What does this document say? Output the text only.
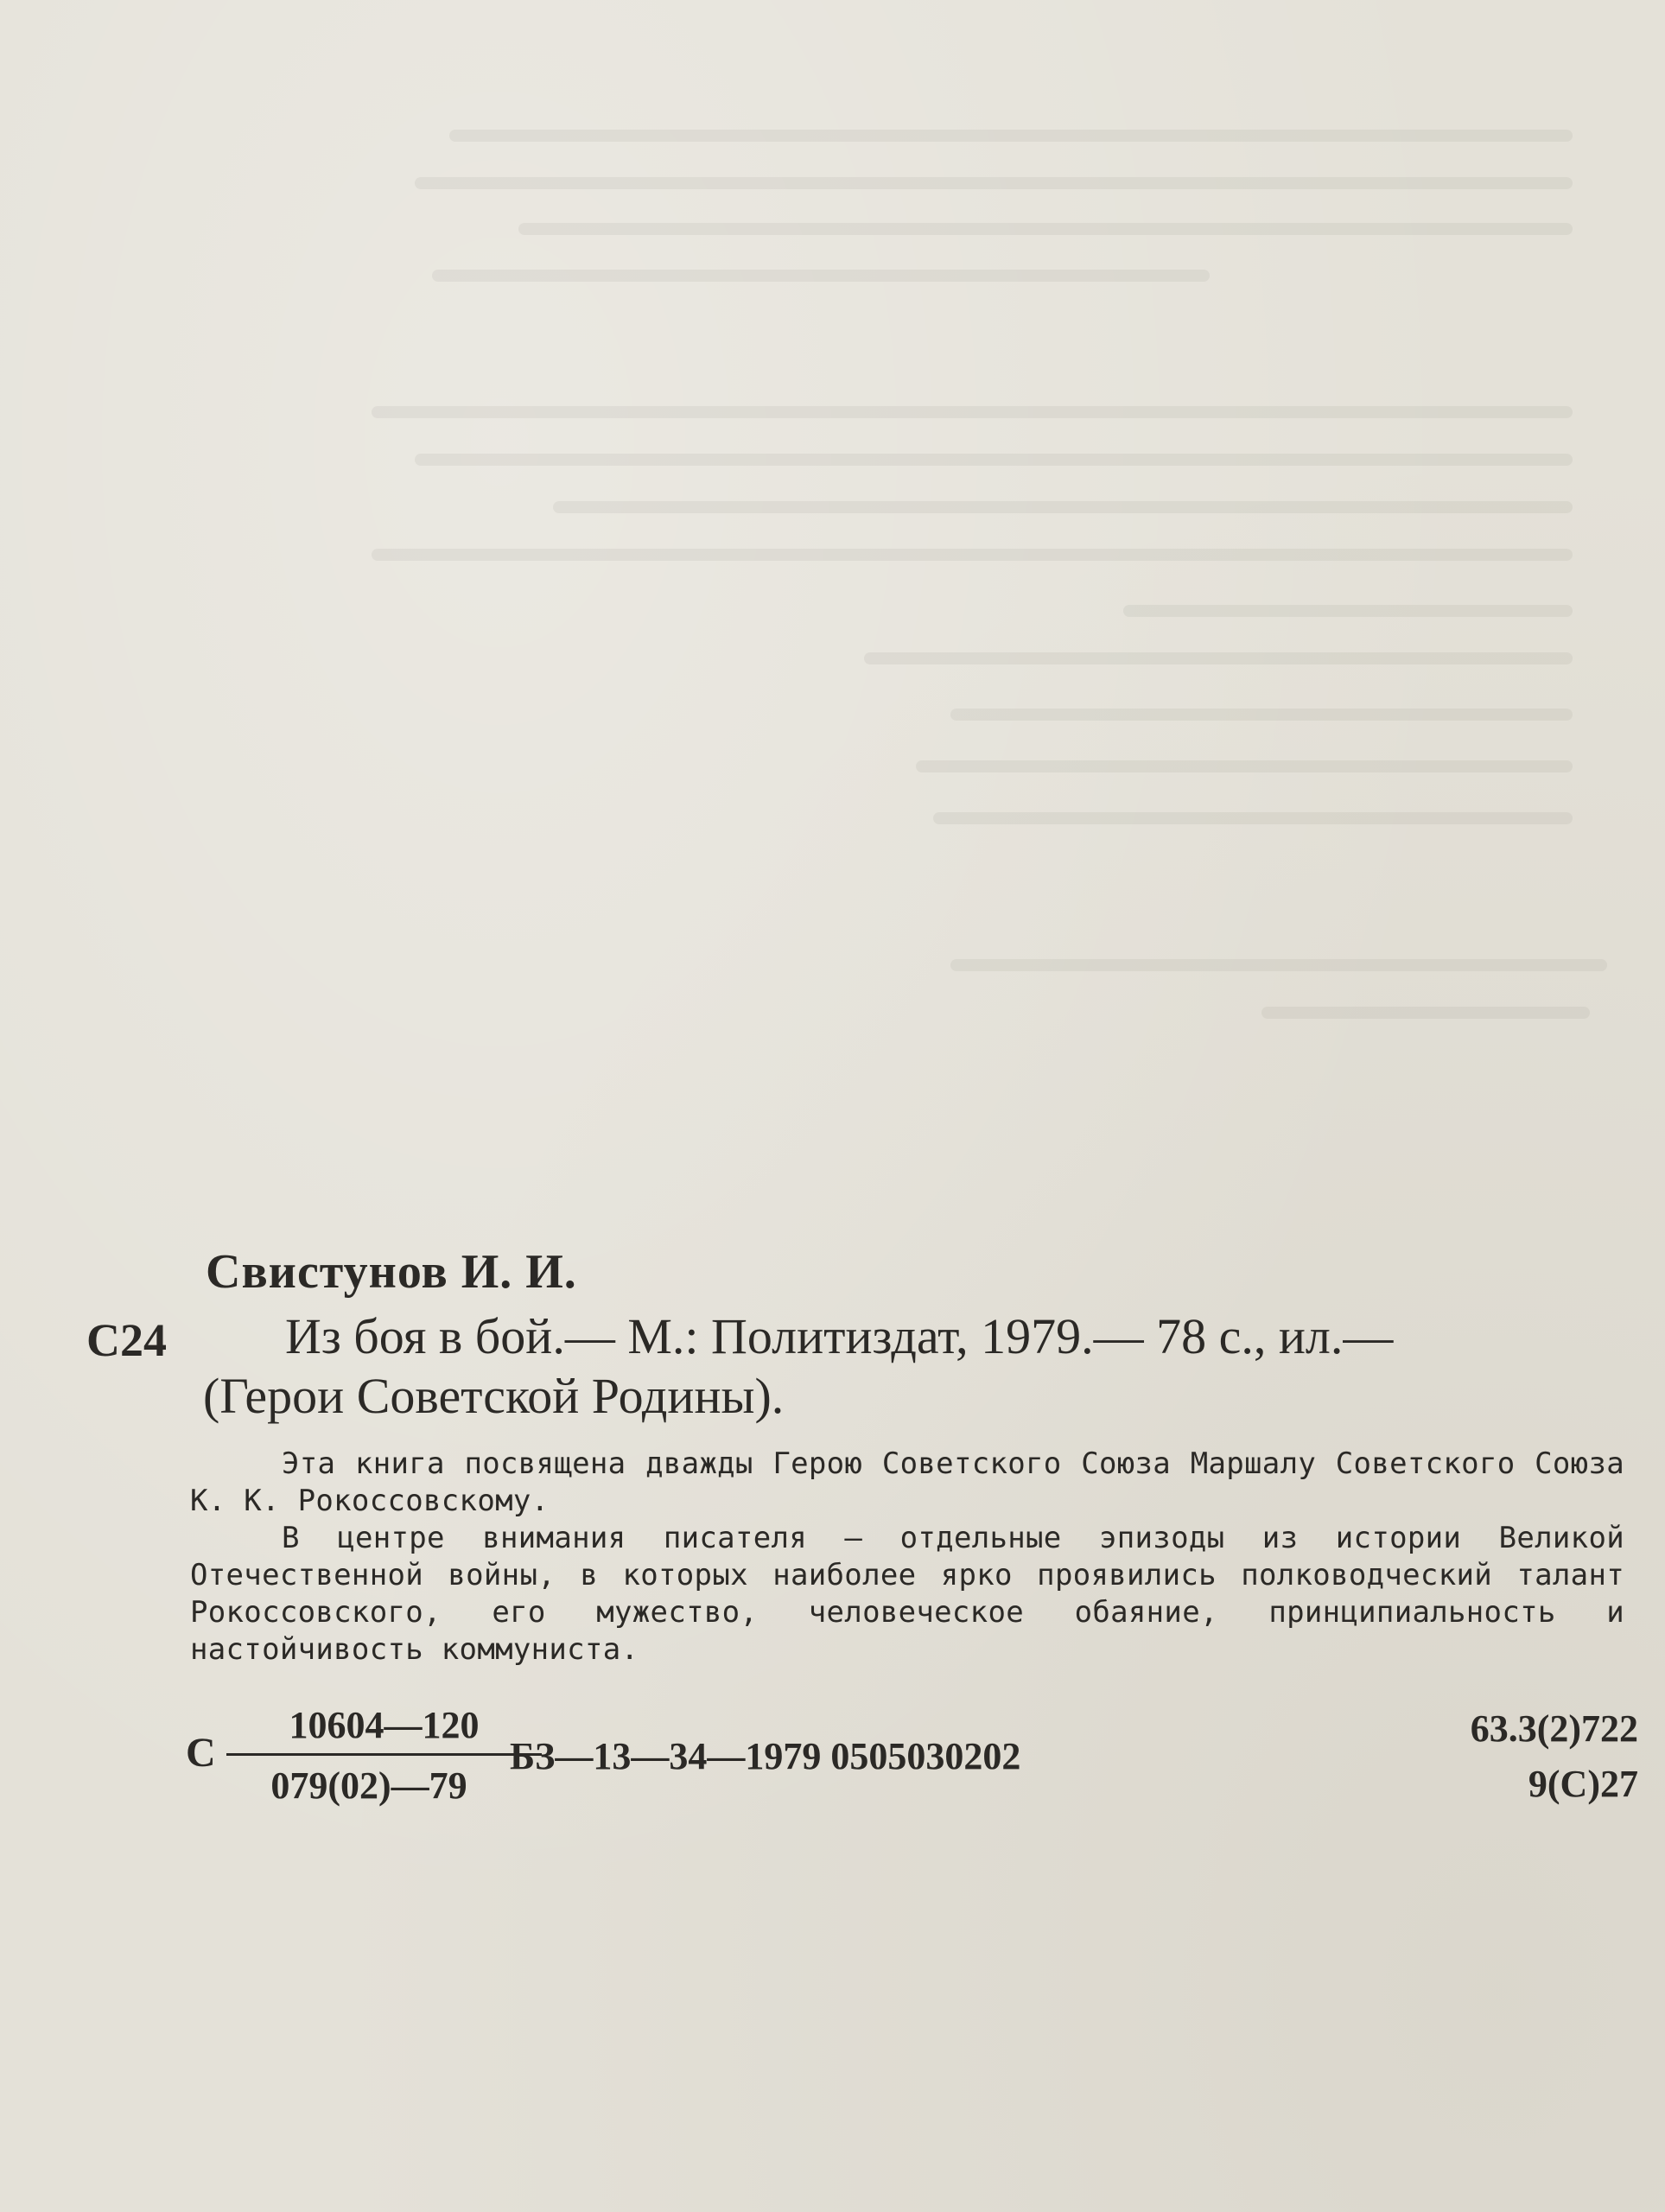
Свистунов И. И.
С24 Из боя в бой.— М.: Политиздат, 1979.— 78 с., ил.—
(Герои Советской Родины).

Эта книга посвящена дважды Герою Советского Союза Маршалу Советского Союза К. К. Рокоссовскому.

В центре внимания писателя — отдельные эпизоды из истории Великой Отечественной войны, в которых наиболее ярко проявились полководческий талант Рокоссовского, его мужество, человеческое обаяние, принципиальность и настойчивость коммуниста.

С
10604—120
079(02)—79
БЗ—13—34—1979 0505030202
63.3(2)722
9(С)27
